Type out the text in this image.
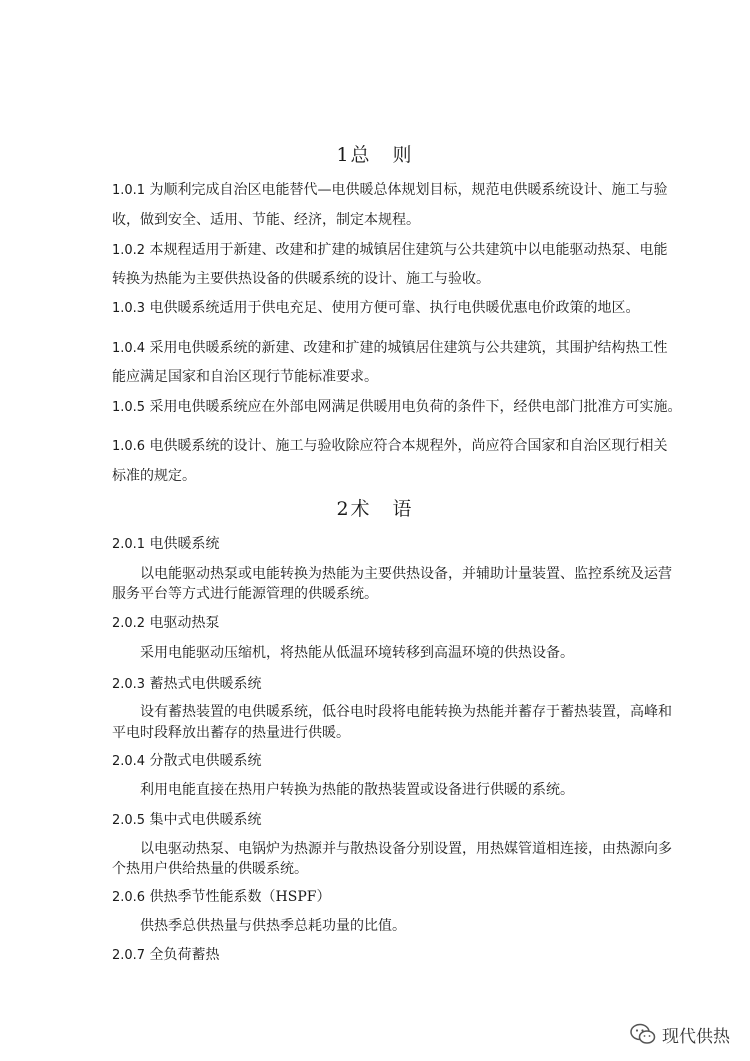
1总　则
1.0.1 为顺利完成自治区电能替代—电供暖总体规划目标，规范电供暖系统设计、施工与验
收，做到安全、适用、节能、经济，制定本规程。
1.0.2 本规程适用于新建、改建和扩建的城镇居住建筑与公共建筑中以电能驱动热泵、电能
转换为热能为主要供热设备的供暖系统的设计、施工与验收。
1.0.3 电供暖系统适用于供电充足、使用方便可靠、执行电供暖优惠电价政策的地区。
1.0.4 采用电供暖系统的新建、改建和扩建的城镇居住建筑与公共建筑，其围护结构热工性
能应满足国家和自治区现行节能标准要求。
1.0.5 采用电供暖系统应在外部电网满足供暖用电负荷的条件下，经供电部门批准方可实施。
1.0.6 电供暖系统的设计、施工与验收除应符合本规程外，尚应符合国家和自治区现行相关
标准的规定。
2术　语
2.0.1 电供暖系统
以电能驱动热泵或电能转换为热能为主要供热设备，并辅助计量装置、监控系统及运营
服务平台等方式进行能源管理的供暖系统。
2.0.2 电驱动热泵
采用电能驱动压缩机，将热能从低温环境转移到高温环境的供热设备。
2.0.3 蓄热式电供暖系统
设有蓄热装置的电供暖系统，低谷电时段将电能转换为热能并蓄存于蓄热装置，高峰和
平电时段释放出蓄存的热量进行供暖。
2.0.4 分散式电供暖系统
利用电能直接在热用户转换为热能的散热装置或设备进行供暖的系统。
2.0.5 集中式电供暖系统
以电驱动热泵、电锅炉为热源并与散热设备分别设置，用热媒管道相连接，由热源向多
个热用户供给热量的供暖系统。
2.0.6 供热季节性能系数（HSPF）
供热季总供热量与供热季总耗功量的比值。
2.0.7 全负荷蓄热
现代供热
